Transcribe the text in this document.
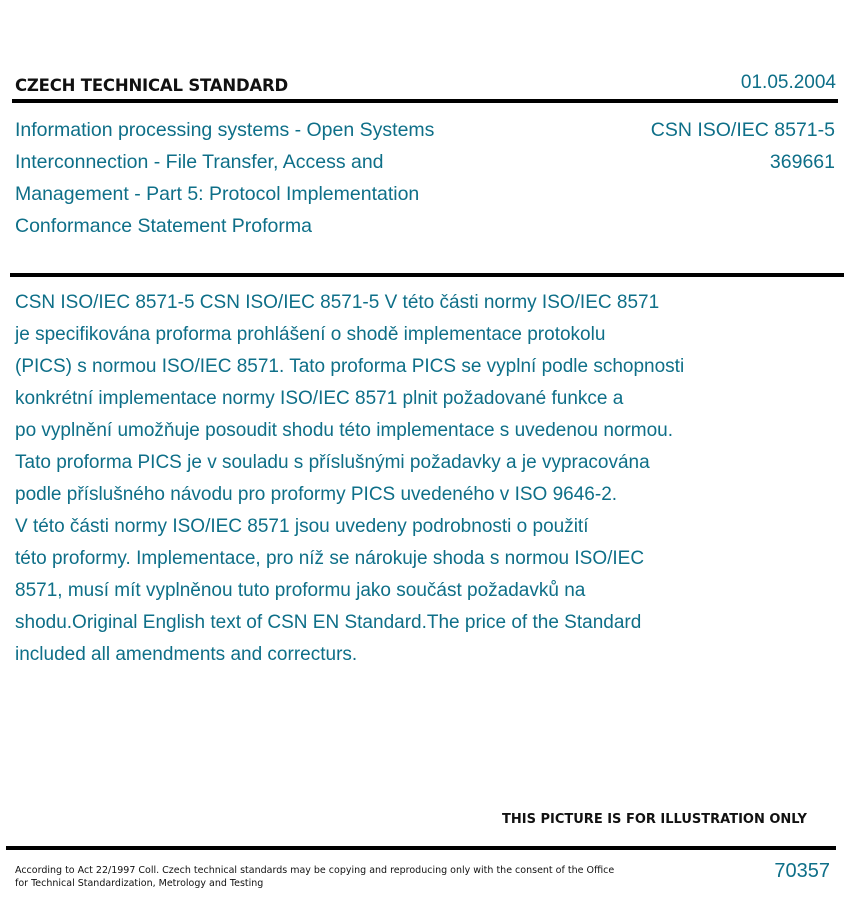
CZECH TECHNICAL STANDARD	01.05.2004
Information processing systems - Open Systems
Interconnection - File Transfer, Access and
Management - Part 5: Protocol Implementation
Conformance Statement Proforma
CSN ISO/IEC 8571-5
369661
CSN ISO/IEC 8571-5 CSN ISO/IEC 8571-5 V této části normy ISO/IEC 8571
je specifikována proforma prohlášení o shodě implementace protokolu
(PICS) s normou ISO/IEC 8571. Tato proforma PICS se vyplní podle schopnosti
konkrétní implementace normy ISO/IEC 8571 plnit požadované funkce a
po vyplnění umožňuje posoudit shodu této implementace s uvedenou normou.
Tato proforma PICS je v souladu s příslušnými požadavky a je vypracována
podle příslušného návodu pro proformy PICS uvedeného v ISO 9646-2.
V této části normy ISO/IEC 8571 jsou uvedeny podrobnosti o použití
této proformy. Implementace, pro níž se nárokuje shoda s normou ISO/IEC
8571, musí mít vyplněnou tuto proformu jako součást požadavků na
shodu.Original English text of CSN EN Standard.The price of the Standard
included all amendments and correcturs.
THIS PICTURE IS FOR ILLUSTRATION ONLY
According to Act 22/1997 Coll. Czech technical standards may be copying and reproducing only with the consent of the Office
for Technical Standardization, Metrology and Testing
70357
